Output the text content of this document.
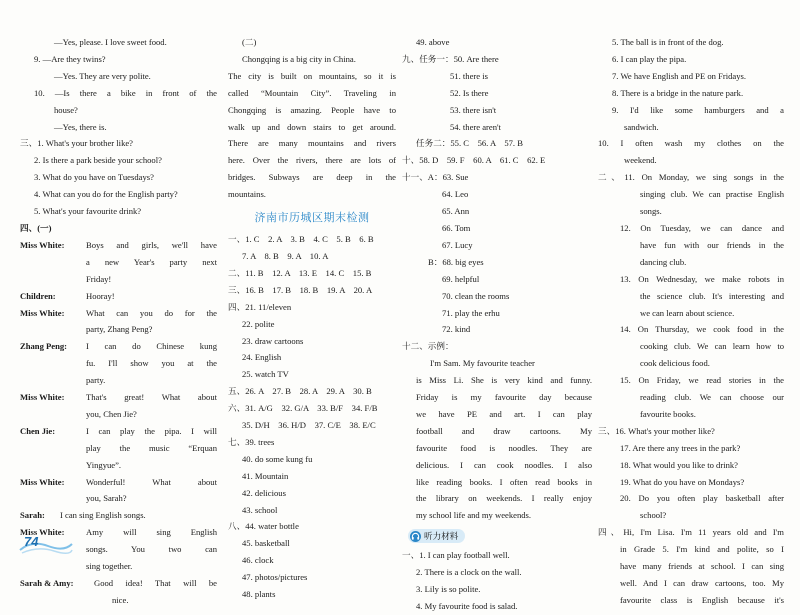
—Yes, please. I love sweet food.
9. —Are they twins?
—Yes. They are very polite.
10. —Is there a bike in front of the
house?
—Yes, there is.
三、1. What's your brother like?
2. Is there a park beside your school?
3. What do you have on Tuesdays?
4. What can you do for the English party?
5. What's your favourite drink?
四、(一)
Miss White:	Boys and girls, we'll have
a new Year's party next
Friday!
Children:	Hooray!
Miss White:	What can you do for the
party, Zhang Peng?
Zhang Peng:	I can do Chinese kung
fu. I'll show you at the
party.
Miss White:	That's great! What about
you, Chen Jie?
Chen Jie:	I can play the pipa. I will
play the music “Erquan
Yingyue”.
Miss White:	Wonderful! What about
you, Sarah?
Sarah:	I can sing English songs.
Miss White:	Amy will sing English
songs. You two can
sing together.
Sarah & Amy:	Good idea! That will be
nice.
(二)
Chongqing is a big city in China.
The city is built on mountains, so it is
called “Mountain City”. Traveling in
Chongqing is amazing. People have to
walk up and down stairs to get around.
There are many mountains and rivers
here. Over the rivers, there are lots of
bridges. Subways are deep in the
mountains.
济南市历城区期末检测
一、1. C　2. A　3. B　4. C　5. B　6. B
7. A　8. B　9. A　10. A
二、11. B　12. A　13. E　14. C　15. B
三、16. B　17. B　18. B　19. A　20. A
四、21. 11/eleven
22. polite
23. draw cartoons
24. English
25. watch TV
五、26. A　27. B　28. A　29. A　30. B
六、31. A/G　32. G/A　33. B/F　34. F/B
35. D/H　36. H/D　37. C/E　38. E/C
七、39. trees
40. do some kung fu
41. Mountain
42. delicious
43. school
八、44. water bottle
45. basketball
46. clock
47. photos/pictures
48. plants
49. above
九、任务一：50. Are there
51. there is
52. Is there
53. there isn't
54. there aren't
任务二：55. C　56. A　57. B
十、58. D　59. F　60. A　61. C　62. E
十一、A：63. Sue
64. Leo
65. Ann
66. Tom
67. Lucy
B：68. big eyes
69. helpful
70. clean the rooms
71. play the erhu
72. kind
十二、示例：
I'm Sam. My favourite teacher
is Miss Li. She is very kind and funny.
Friday is my favourite day because
we have PE and art. I can play
football and draw cartoons. My
favourite food is noodles. They are
delicious. I can cook noodles. I also
like reading books. I often read books in
the library on weekends. I really enjoy
my school life and my weekends.
听力材料
一、1. I can play football well.
2. There is a clock on the wall.
3. Lily is so polite.
4. My favourite food is salad.
5. The ball is in front of the dog.
6. I can play the pipa.
7. We have English and PE on Fridays.
8. There is a bridge in the nature park.
9. I'd like some hamburgers and a
sandwich.
10. I often wash my clothes on the
weekend.
二、11. On Monday, we sing songs in the
singing club. We can practise English
songs.
12. On Tuesday, we can dance and
have fun with our friends in the
dancing club.
13. On Wednesday, we make robots in
the science club. It's interesting and
we can learn about science.
14. On Thursday, we cook food in the
cooking club. We can learn how to
cook delicious food.
15. On Friday, we read stories in the
reading club. We can choose our
favourite books.
三、16. What's your mother like?
17. Are there any trees in the park?
18. What would you like to drink?
19. What do you have on Mondays?
20. Do you often play basketball after
school?
四、Hi, I'm Lisa. I'm 11 years old and I'm
in Grade 5. I'm kind and polite, so I
have many friends at school. I can sing
well. And I can draw cartoons, too. My
favourite class is English because it's
74
